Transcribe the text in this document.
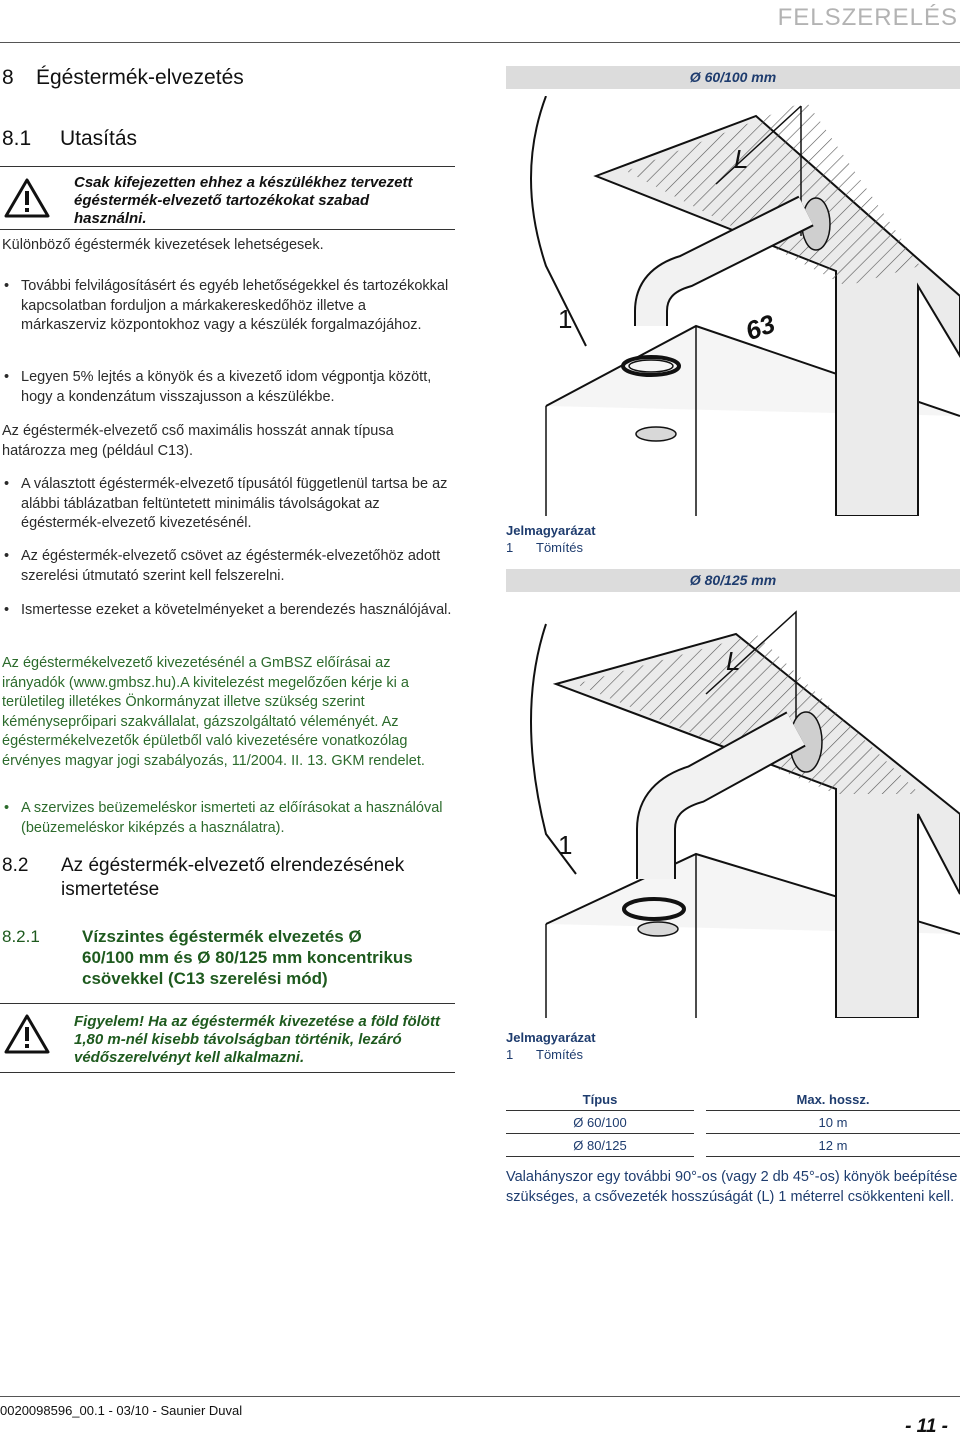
FELSZERELÉS
8 Égéstermék-elvezetés
8.1 Utasítás
Csak kifejezetten ehhez a készülékhez tervezett égéstermék-elvezető tartozékokat szabad használni.
Különböző égéstermék kivezetések lehetségesek.
• További felvilágosításért és egyéb lehetőségekkel és tartozékokkal kapcsolatban forduljon a márkakereskedőhöz illetve a márkaszerviz központokhoz vagy a készülék forgalmazójához.
• Legyen 5% lejtés a könyök és a kivezető idom végpontja között, hogy a kondenzátum visszajusson a készülékbe.
Az égéstermék-elvezető cső maximális hosszát annak típusa határozza meg (például C13).
• A választott égéstermék-elvezető típusától függetlenül tartsa be az alábbi táblázatban feltüntetett minimális távolságokat az égéstermék-elvezető kivezetésénél.
• Az égéstermék-elvezető csövet az égéstermék-elvezetőhöz adott szerelési útmutató szerint kell felszerelni.
• Ismertesse ezeket a követelményeket a berendezés használójával.
Az égéstermékelvezető kivezetésénél a GmBSZ előírásai az irányadók (www.gmbsz.hu).A kivitelezést megelőzően kérje ki a területileg illetékes Önkormányzat illetve szükség szerint kéményseprőipari szakvállalat, gázszolgáltató véleményét. Az égéstermékelvezetők épületből való kivezetésére vonatkozólag érvényes magyar jogi szabályozás, 11/2004. II. 13. GKM rendelet.
• A szervizes beüzemeléskor ismerteti az előírásokat a használóval (beüzemeléskor kiképzés a használatra).
8.2 Az égéstermék-elvezető elrendezésének
ismertetése
8.2.1 Vízszintes égéstermék elvezetés Ø
60/100 mm és Ø 80/125 mm koncentrikus
csövekkel (C13 szerelési mód)
Figyelem! Ha az égéstermék kivezetése a föld fölött 1,80 m-nél kisebb távolságban történik, lezáró védőszerelvényt kell alkalmazni.
Ø 60/100 mm
L
1	63
Jelmagyarázat
1 Tömítés
Ø 80/125 mm
L
1
Jelmagyarázat
1 Tömítés
Típus		Max. hossz.
Ø 60/100		10 m
Ø 80/125		12 m
Valahányszor egy további 90°-os (vagy 2 db 45°-os) könyök beépítése szükséges, a csővezeték hosszúságát (L) 1 méterrel csökkenteni kell.
0020098596_00.1 - 03/10 - Saunier Duval
- 11 -
